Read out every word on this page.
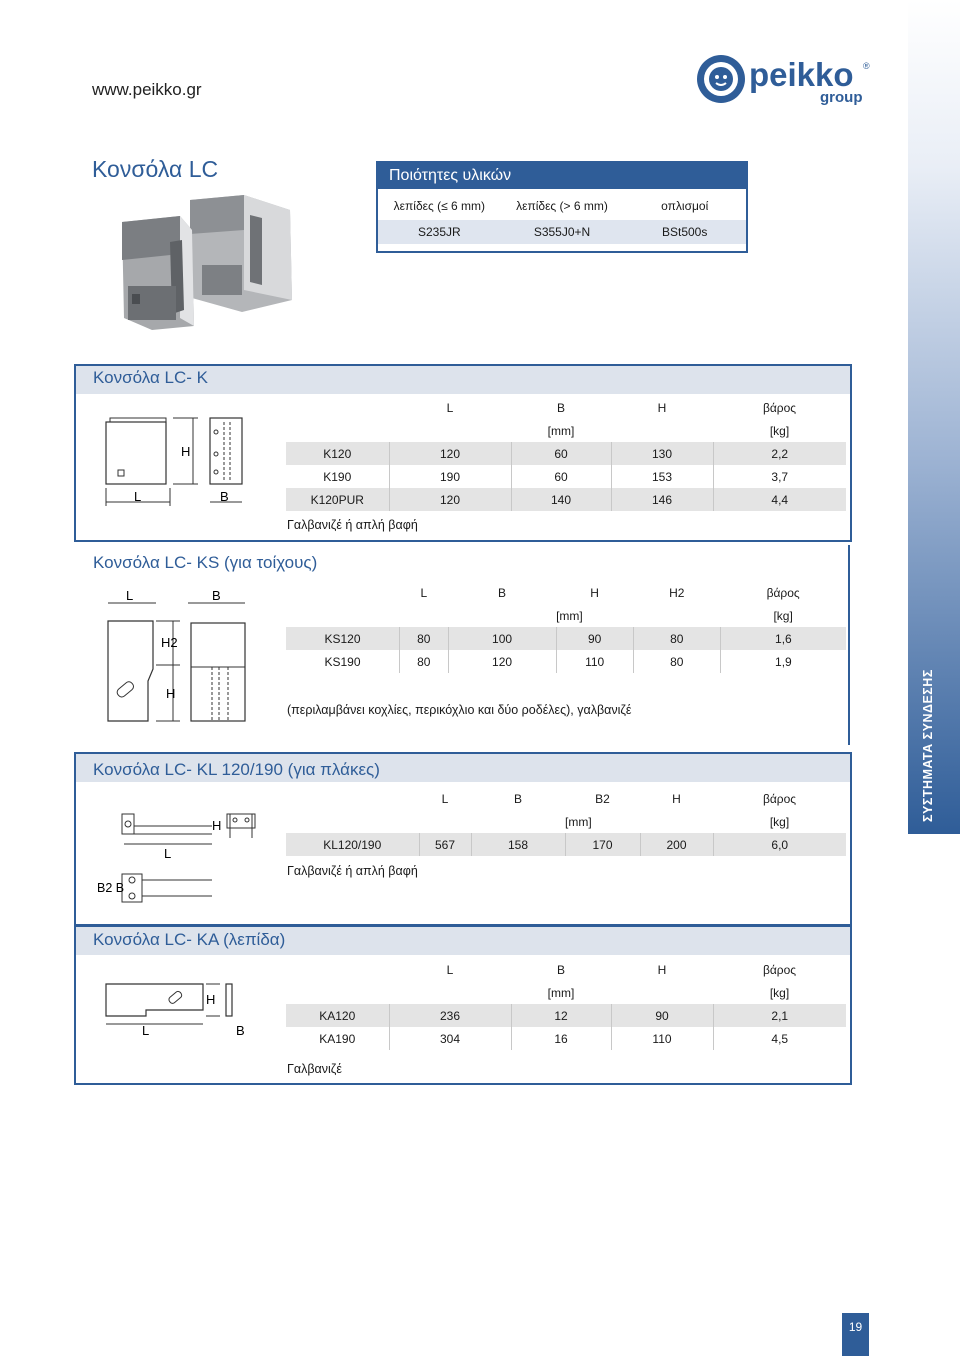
www.peikko.gr	peikko ®
group
Κονσόλα LC	Ποιότητες υλικών
λεπίδες (≤ 6 mm)	λεπίδες (> 6 mm)	οπλισμοί
S235JR	S355J0+N	BSt500s
Κονσόλα LC- K
L
H
B
	L	B	H	βάρος
		[mm]		[kg]
K120	120	60	130	2,2
K190	190	60	153	3,7
K120PUR	120	140	146	4,4
Γαλβανιζέ ή απλή βαφή
Κονσόλα LC- KS (για τοίχους)
L	B
H2
H
	L	B	H	H2	βάρος
			[mm]		[kg]
KS120	80	100	90	80	1,6
KS190	80	120	110	80	1,9
(περιλαμβάνει κοχλίες, περικόχλιο και δύο ροδέλες), γαλβανιζέ
Κονσόλα LC- KL 120/190 (για πλάκες)
L
H
B2 B
	L	B	B2	H	βάρος
			[mm]		[kg]
KL120/190	567	158	170	200	6,0
Γαλβανιζέ ή απλή βαφή
Κονσόλα LC- KA (λεπίδα)
L
H
B
	L	B	H	βάρος
		[mm]		[kg]
KA120	236	12	90	2,1
KA190	304	16	110	4,5
Γαλβανιζέ
19
